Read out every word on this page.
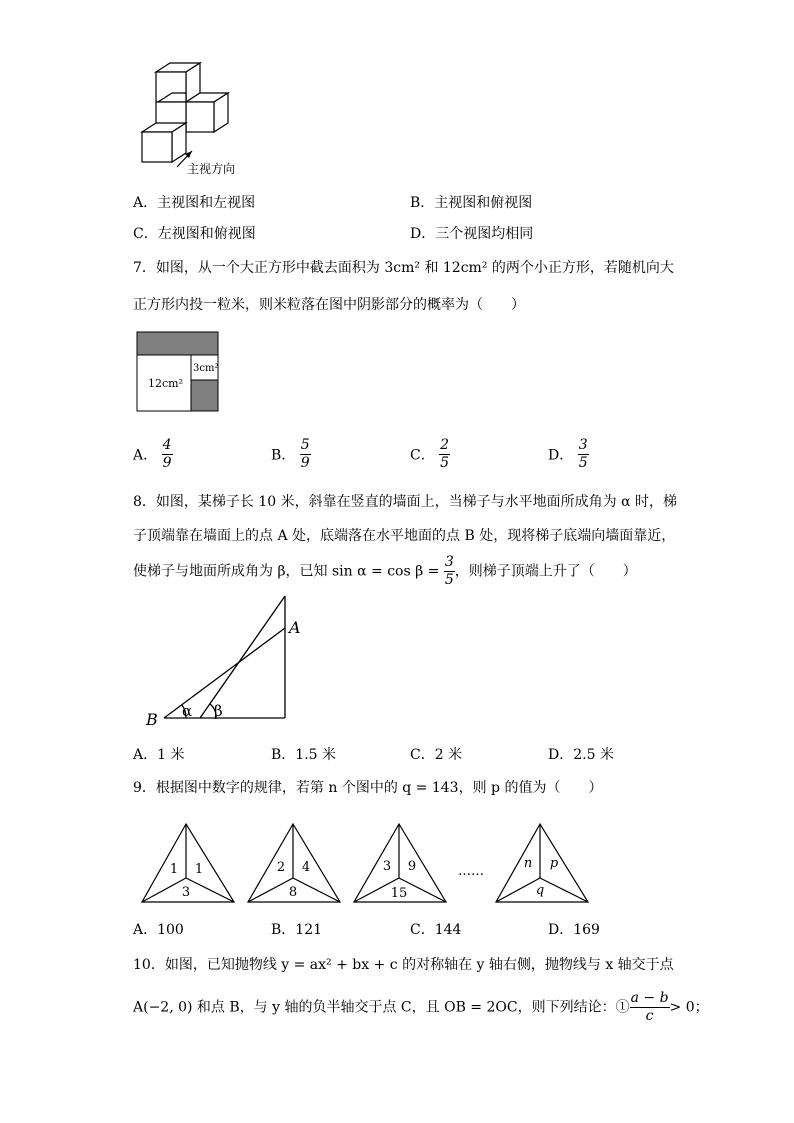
主视方向
A．主视图和左视图	B．主视图和俯视图
C．左视图和俯视图	D．三个视图均相同
7．如图，从一个大正方形中截去面积为 3cm² 和 12cm² 的两个小正方形，若随机向大
正方形内投一粒米，则米粒落在图中阴影部分的概率为（　　）
12cm²
3cm²
A． $\frac{4}{9}$	B． $\frac{5}{9}$	C． $\frac{2}{5}$	D． $\frac{3}{5}$
8．如图，某梯子长 10 米，斜靠在竖直的墙面上，当梯子与水平地面所成角为 α 时，梯
子顶端靠在墙面上的点 A 处，底端落在水平地面的点 B 处，现将梯子底端向墙面靠近，
使梯子与地面所成角为 β，已知 $\sin \alpha = \cos \beta = \frac{3}{5}$ ，则梯子顶端上升了（　　）
A
B α β
A．1 米	B．1.5 米	C．2 米	D．2.5 米
9．根据图中数字的规律，若第 n 个图中的 q = 143，则 p 的值为（　　）
1 1
3
2 4
8
3 9
15
n p
q
……
A．100	B．121	C．144	D．169
10．如图，已知抛物线 y = ax² + bx + c 的对称轴在 y 轴右侧，抛物线与 x 轴交于点
A(−2, 0) 和点 B，与 y 轴的负半轴交于点 C，且 OB = 2OC，则下列结论：① $\frac{a - b}{c} > 0$；
